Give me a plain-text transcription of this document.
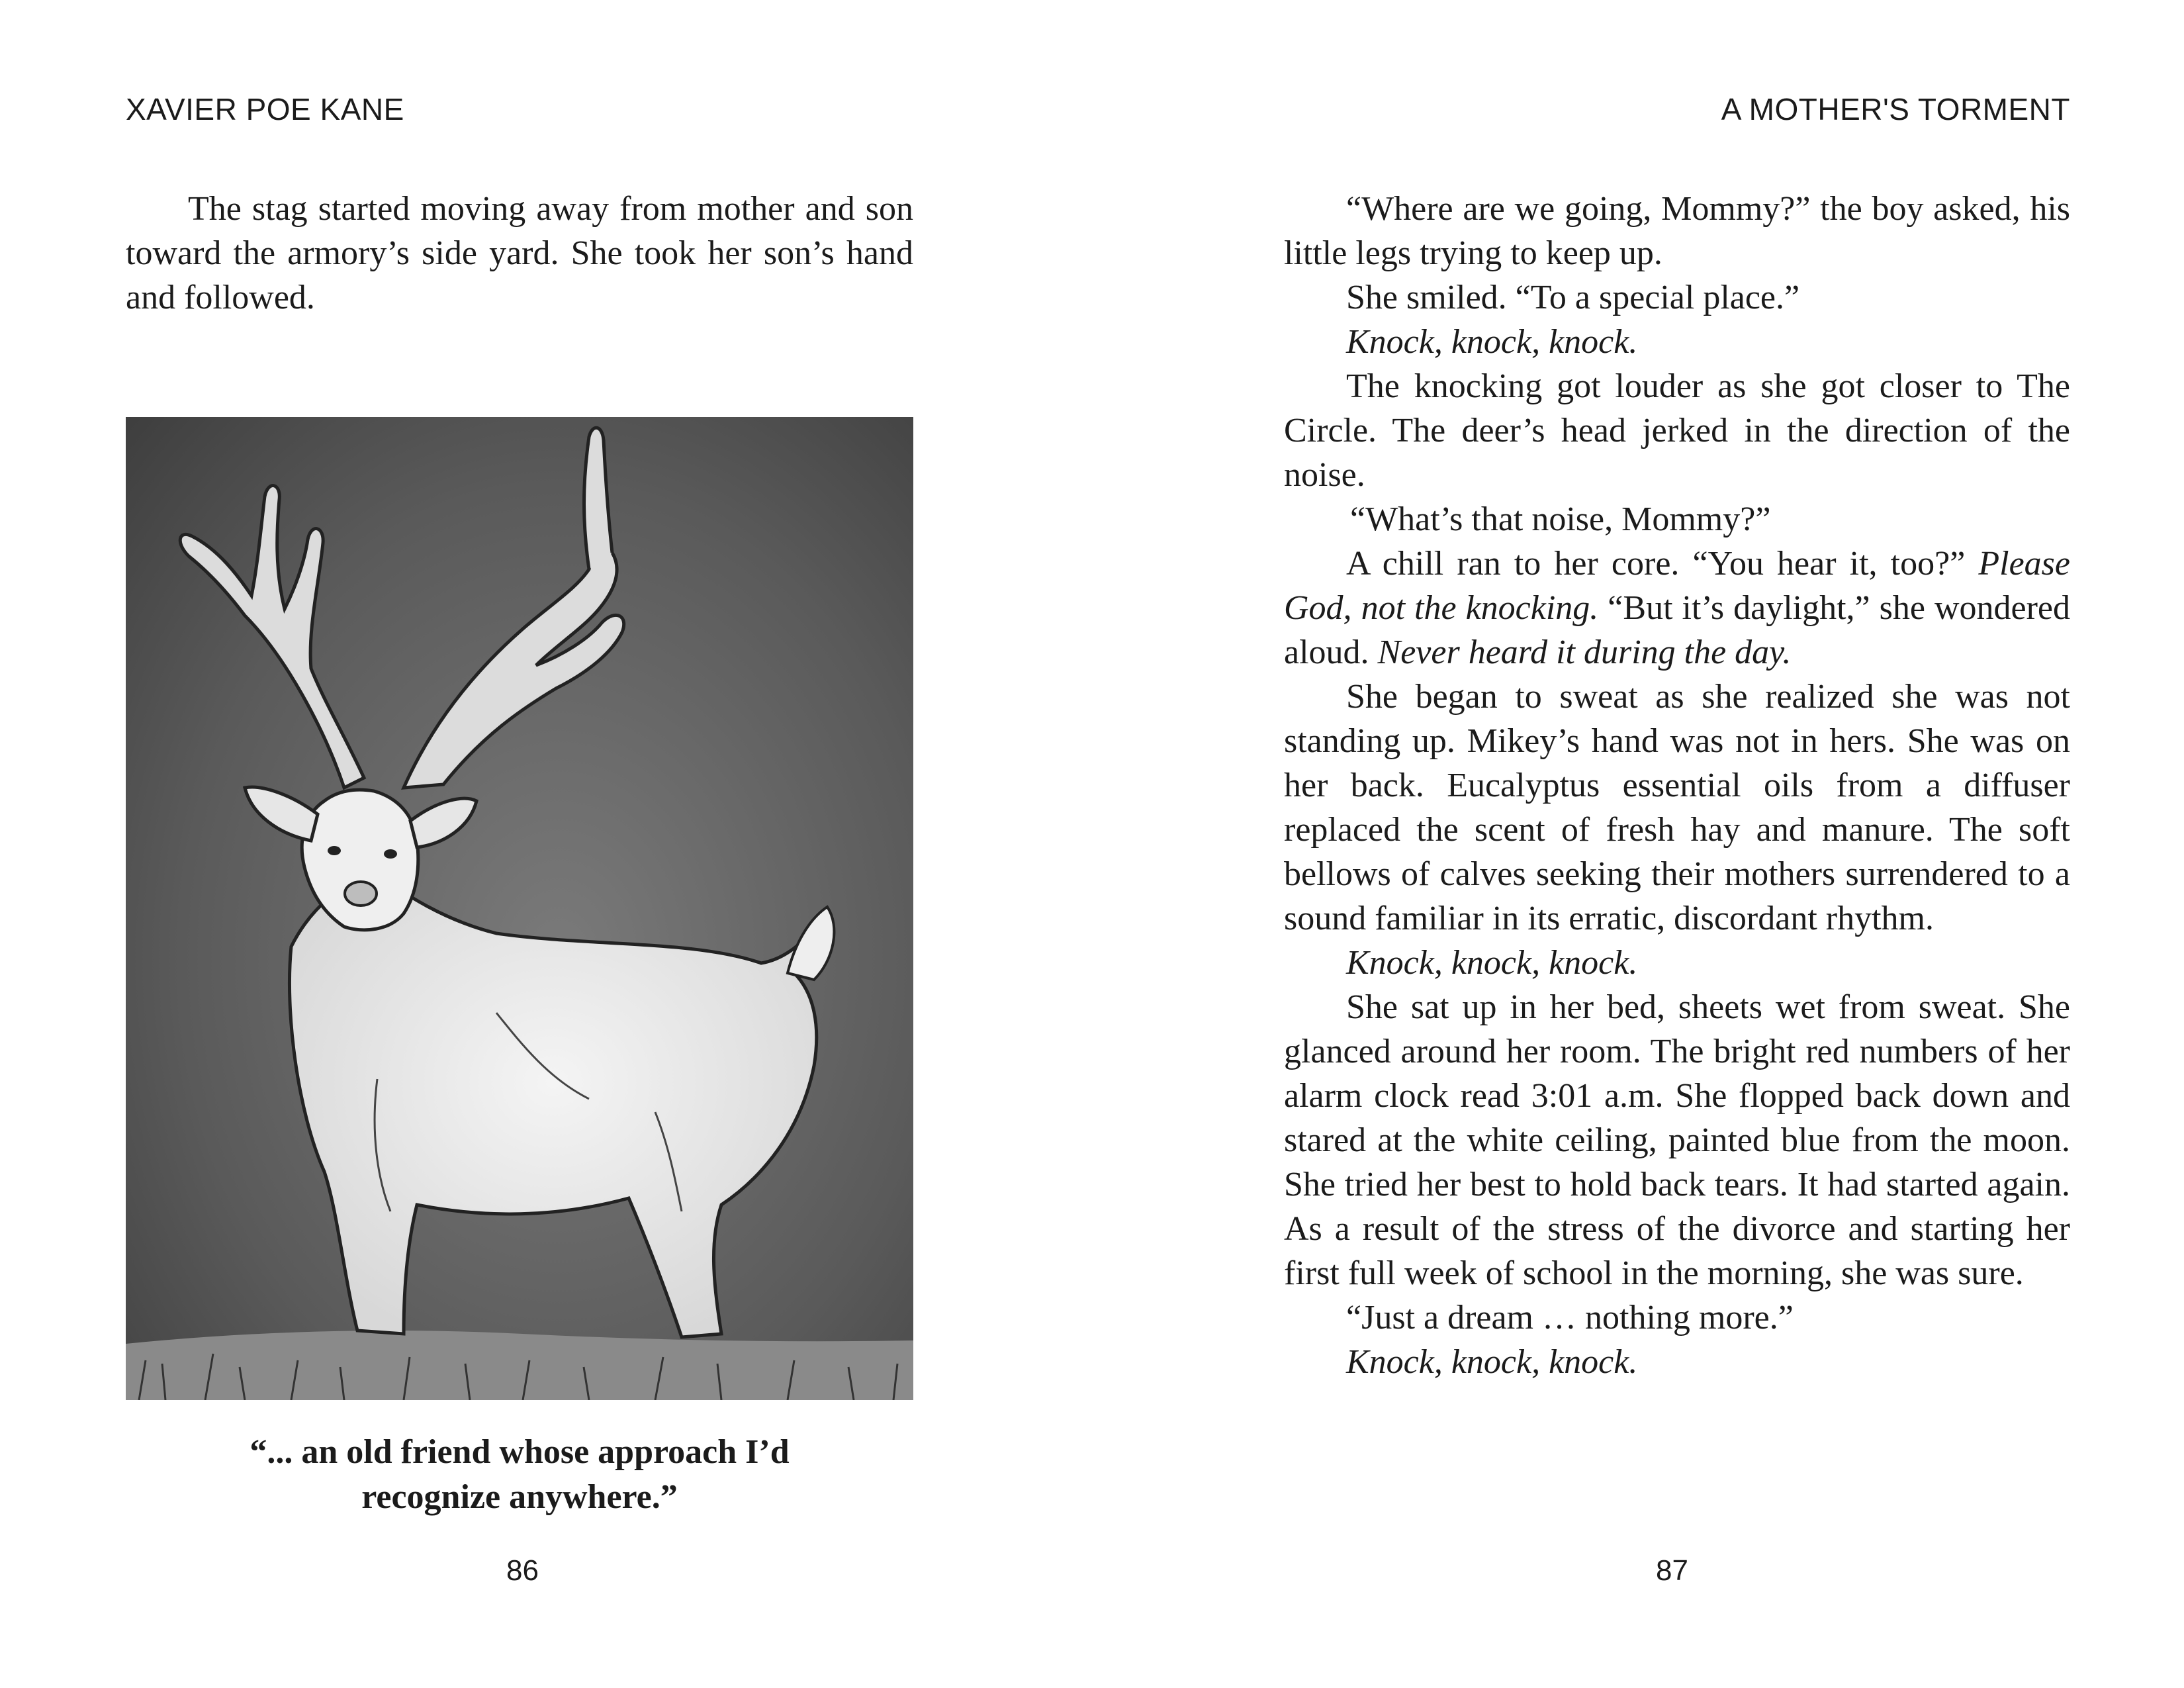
XAVIER POE KANE

The stag started moving away from mother and son toward the armory’s side yard. She took her son’s hand and followed.

“... an old friend whose approach I’d
recognize anywhere.”
86
A MOTHER'S TORMENT

“Where are we going, Mommy?” the boy asked, his little legs trying to keep up.

She smiled. “To a special place.”

Knock, knock, knock.

The knocking got louder as she got closer to The Circle. The deer’s head jerked in the direction of the noise.

“What’s that noise, Mommy?”

A chill ran to her core. “You hear it, too?” Please God, not the knocking. “But it’s daylight,” she wondered aloud. Never heard it during the day.

She began to sweat as she realized she was not standing up. Mikey’s hand was not in hers. She was on her back. Eucalyptus essential oils from a diffuser replaced the scent of fresh hay and manure. The soft bellows of calves seeking their mothers surrendered to a sound familiar in its erratic, discordant rhythm.

Knock, knock, knock.

She sat up in her bed, sheets wet from sweat. She glanced around her room. The bright red numbers of her alarm clock read 3:01 a.m. She flopped back down and stared at the white ceiling, painted blue from the moon. She tried her best to hold back tears. It had started again. As a result of the stress of the divorce and starting her first full week of school in the morning, she was sure.

“Just a dream … nothing more.”

Knock, knock, knock.

87
